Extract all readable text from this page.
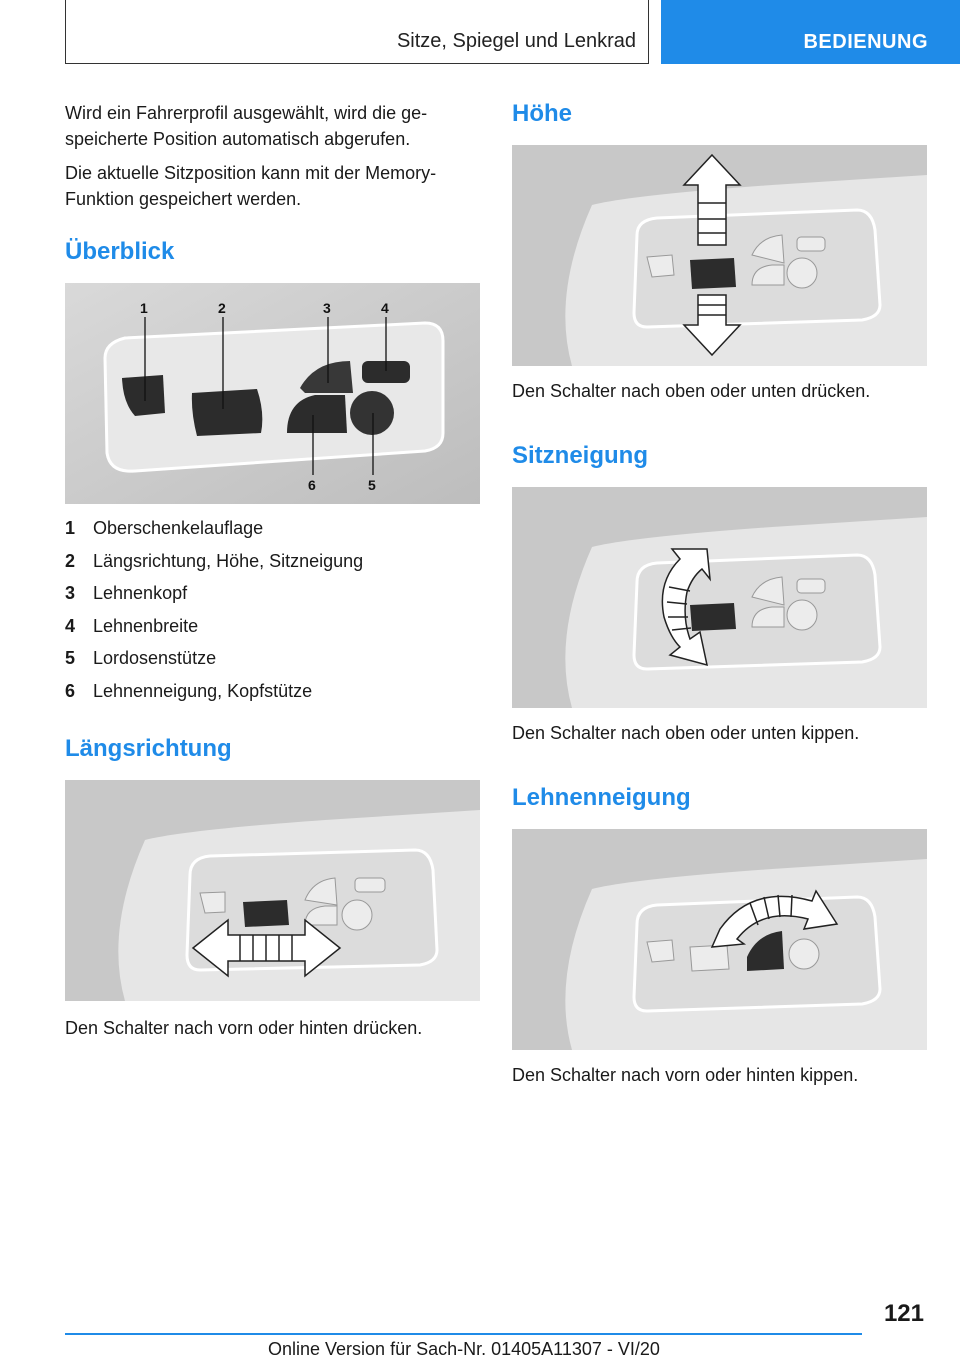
Sitze, Spiegel und Lenkrad	BEDIENUNG

Wird ein Fahrerprofil ausgewählt, wird die ge-
speicherte Position automatisch abgerufen.

Die aktuelle Sitzposition kann mit der Memory-
Funktion gespeichert werden.

Überblick
1	2	3	4
5
6
1 Oberschenkelauflage
2 Längsrichtung, Höhe, Sitzneigung
3 Lehnenkopf
4 Lehnenbreite
5 Lordosenstütze
6 Lehnenneigung, Kopfstütze
Längsrichtung

Den Schalter nach vorn oder hinten drücken.

Höhe

Den Schalter nach oben oder unten drücken.

Sitzneigung

Den Schalter nach oben oder unten kippen.

Lehnenneigung

Den Schalter nach vorn oder hinten kippen.

121
Online Version für Sach-Nr. 01405A11307 - VI/20
